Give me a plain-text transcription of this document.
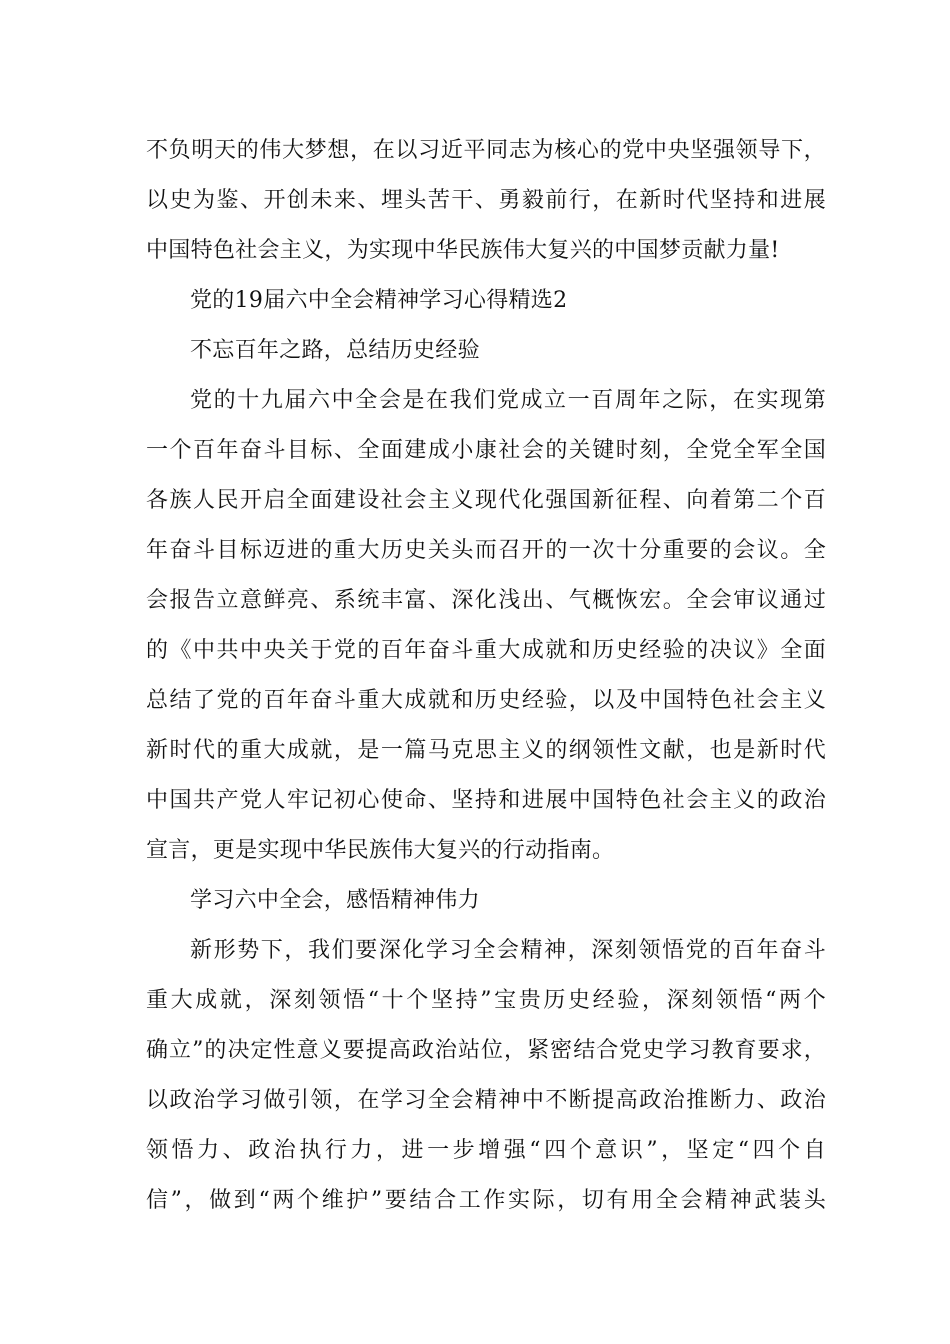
不负明天的伟大梦想，在以习近平同志为核心的党中央坚强领导下，
以史为鉴、开创未来、埋头苦干、勇毅前行，在新时代坚持和进展
中国特色社会主义，为实现中华民族伟大复兴的中国梦贡献力量!
党的19届六中全会精神学习心得精选2
不忘百年之路，总结历史经验
党的十九届六中全会是在我们党成立一百周年之际，在实现第
一个百年奋斗目标、全面建成小康社会的关键时刻，全党全军全国
各族人民开启全面建设社会主义现代化强国新征程、向着第二个百
年奋斗目标迈进的重大历史关头而召开的一次十分重要的会议。全
会报告立意鲜亮、系统丰富、深化浅出、气概恢宏。全会审议通过
的《中共中央关于党的百年奋斗重大成就和历史经验的决议》全面
总结了党的百年奋斗重大成就和历史经验，以及中国特色社会主义
新时代的重大成就，是一篇马克思主义的纲领性文献，也是新时代
中国共产党人牢记初心使命、坚持和进展中国特色社会主义的政治
宣言，更是实现中华民族伟大复兴的行动指南。
学习六中全会，感悟精神伟力
新形势下，我们要深化学习全会精神，深刻领悟党的百年奋斗
重大成就，深刻领悟“十个坚持”宝贵历史经验，深刻领悟“两个
确立”的决定性意义要提高政治站位，紧密结合党史学习教育要求，
以政治学习做引领，在学习全会精神中不断提高政治推断力、政治
领悟力、政治执行力，进一步增强“四个意识”，坚定“四个自
信”，做到“两个维护”要结合工作实际，切有用全会精神武装头
